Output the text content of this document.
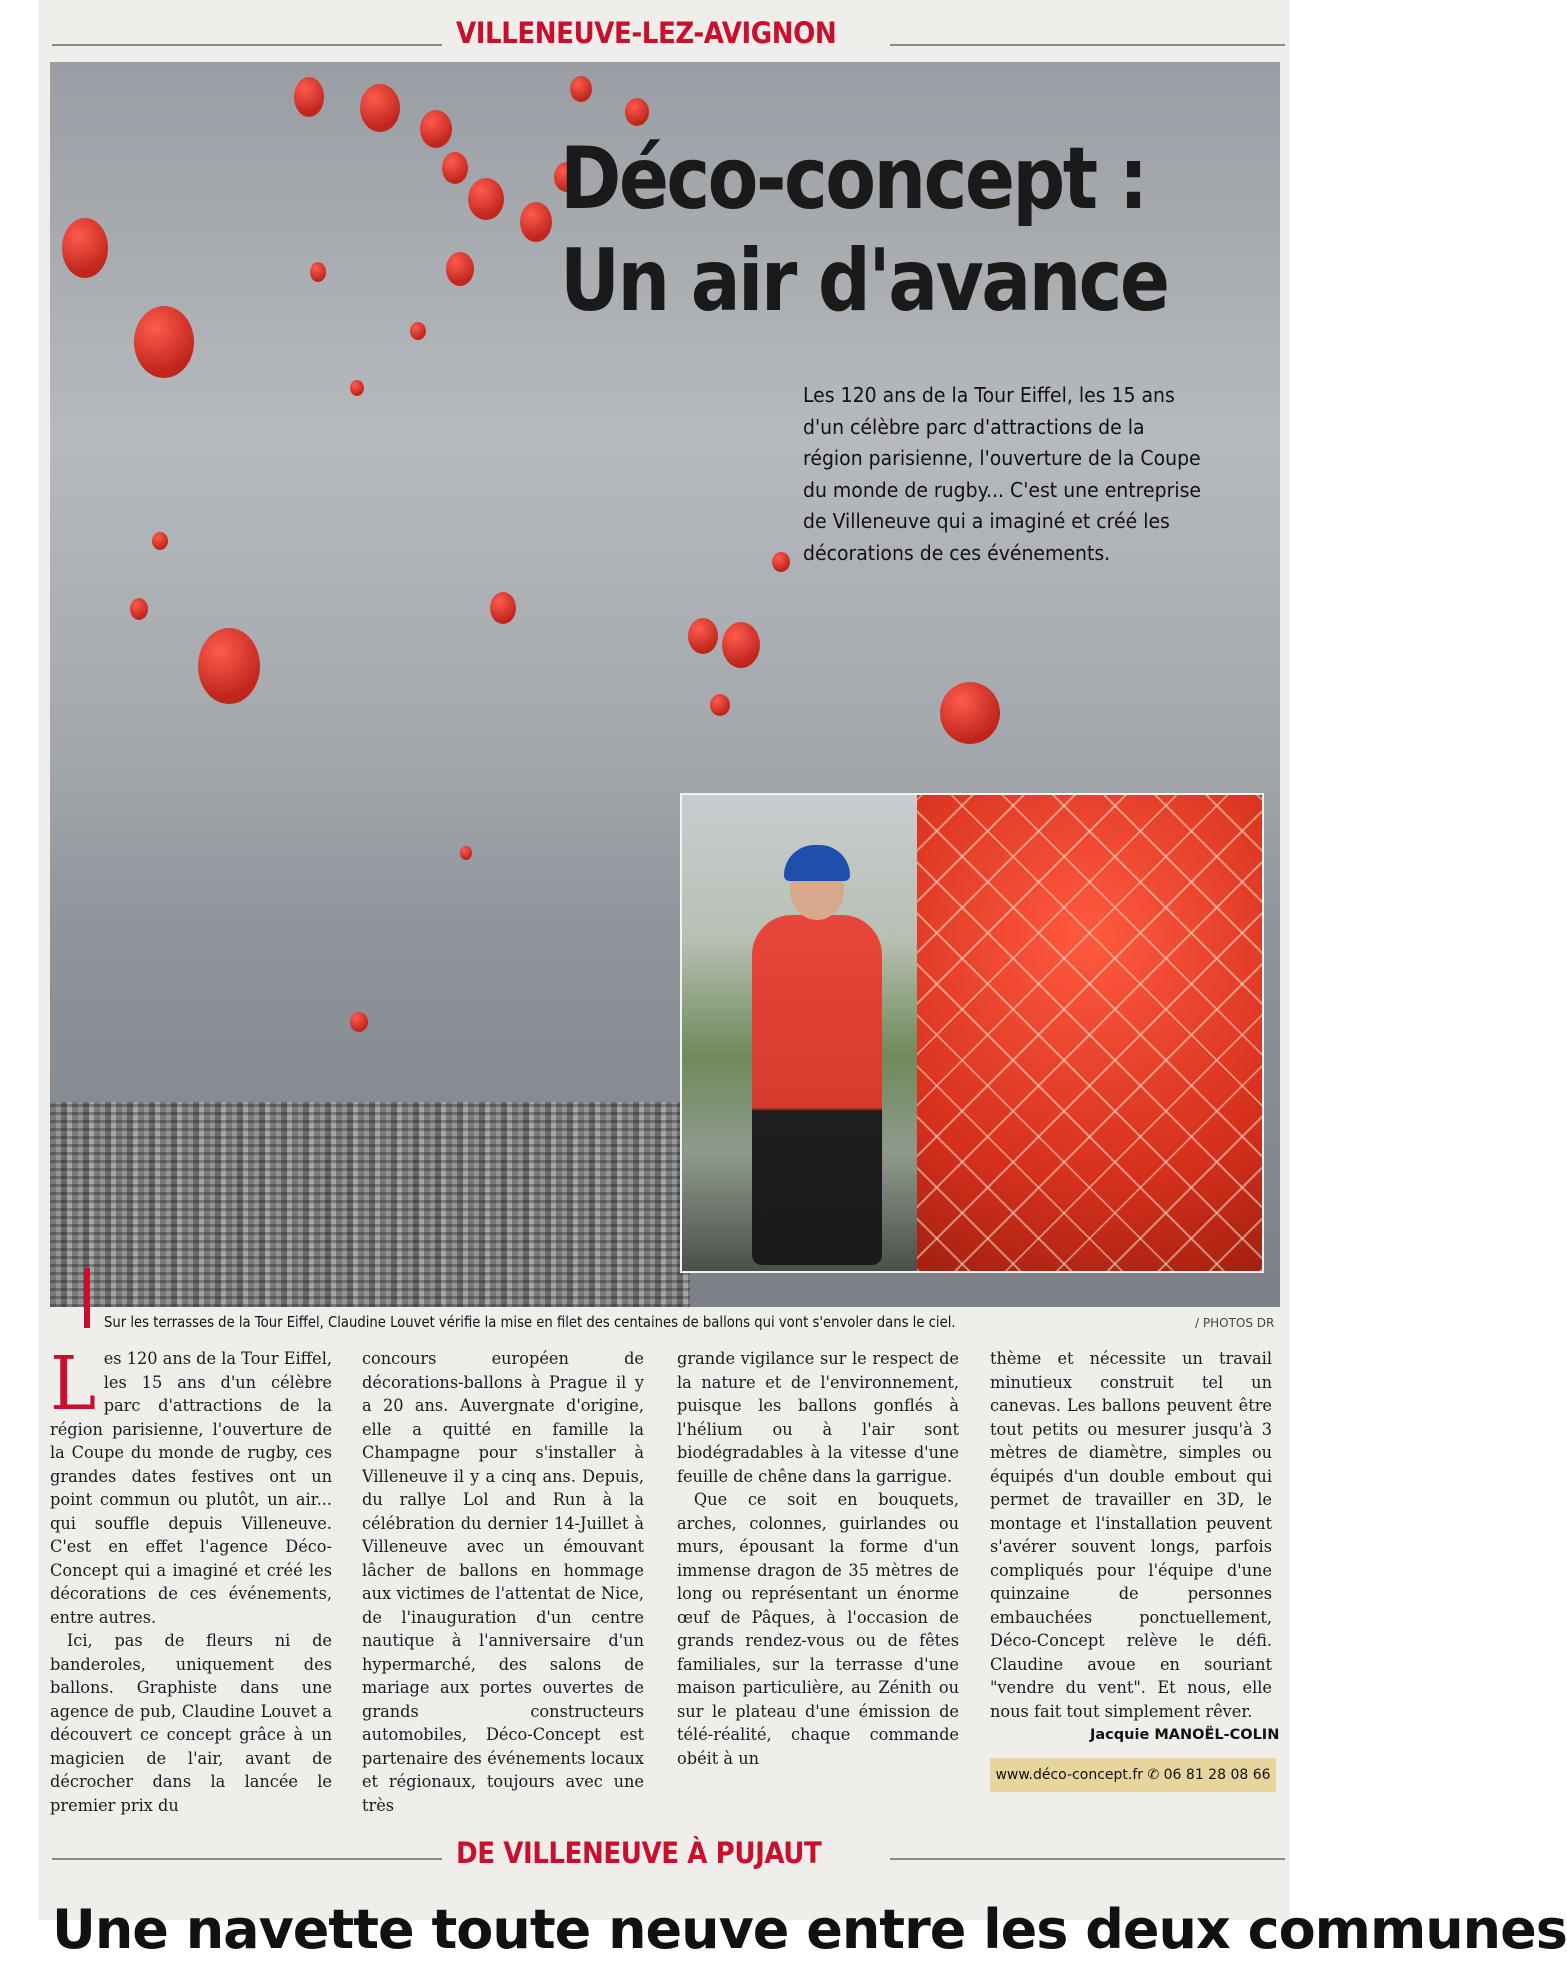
VILLENEUVE-LEZ-AVIGNON
Déco-concept :
Un air d'avance
Les 120 ans de la Tour Eiffel, les 15 ans d'un célèbre parc d'attractions de la région parisienne, l'ouverture de la Coupe du monde de rugby... C'est une entreprise de Villeneuve qui a imaginé et créé les décorations de ces événements.
Sur les terrasses de la Tour Eiffel, Claudine Louvet vérifie la mise en filet des centaines de ballons qui vont s'envoler dans le ciel.	/ PHOTOS DR

Les 120 ans de la Tour Eiffel, les 15 ans d'un célèbre parc d'attractions de la région parisienne, l'ouverture de la Coupe du monde de rugby, ces grandes dates festives ont un point commun ou plutôt, un air... qui souffle depuis Villeneuve. C'est en effet l'agence Déco-Concept qui a imaginé et créé les décorations de ces événements, entre autres.

Ici, pas de fleurs ni de banderoles, uniquement des ballons. Graphiste dans une agence de pub, Claudine Louvet a découvert ce concept grâce à un magicien de l'air, avant de décrocher dans la lancée le premier prix du

concours européen de décorations-ballons à Prague il y a 20 ans. Auvergnate d'origine, elle a quitté en famille la Champagne pour s'installer à Villeneuve il y a cinq ans. Depuis, du rallye Lol and Run à la célébration du dernier 14-Juillet à Villeneuve avec un émouvant lâcher de ballons en hommage aux victimes de l'attentat de Nice, de l'inauguration d'un centre nautique à l'anniversaire d'un hypermarché, des salons de mariage aux portes ouvertes de grands constructeurs automobiles, Déco-Concept est partenaire des événements locaux et régionaux, toujours avec une très

grande vigilance sur le respect de la nature et de l'environnement, puisque les ballons gonflés à l'hélium ou à l'air sont biodégradables à la vitesse d'une feuille de chêne dans la garrigue.

Que ce soit en bouquets, arches, colonnes, guirlandes ou murs, épousant la forme d'un immense dragon de 35 mètres de long ou représentant un énorme œuf de Pâques, à l'occasion de grands rendez-vous ou de fêtes familiales, sur la terrasse d'une maison particulière, au Zénith ou sur le plateau d'une émission de télé-réalité, chaque commande obéit à un

thème et nécessite un travail minutieux construit tel un canevas. Les ballons peuvent être tout petits ou mesurer jusqu'à 3 mètres de diamètre, simples ou équipés d'un double embout qui permet de travailler en 3D, le montage et l'installation peuvent s'avérer souvent longs, parfois compliqués pour l'équipe d'une quinzaine de personnes embauchées ponctuellement, Déco-Concept relève le défi. Claudine avoue en souriant "vendre du vent". Et nous, elle nous fait tout simplement rêver.

Jacquie MANOËL-COLIN
www.déco-concept.fr ✆ 06 81 28 08 66
DE VILLENEUVE À PUJAUT
Une navette toute neuve entre les deux communes
